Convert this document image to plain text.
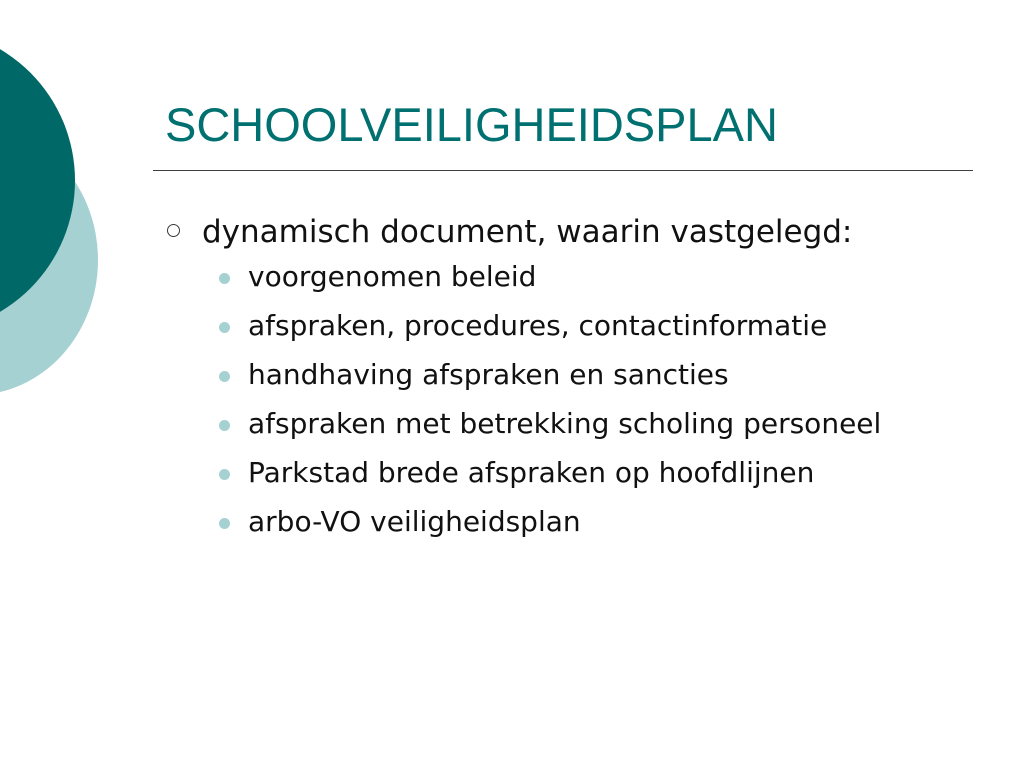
SCHOOLVEILIGHEIDSPLAN
dynamisch document, waarin vastgelegd:
voorgenomen beleid
afspraken, procedures, contactinformatie
handhaving afspraken en sancties
afspraken met betrekking scholing personeel
Parkstad brede afspraken op hoofdlijnen
arbo-VO veiligheidsplan
